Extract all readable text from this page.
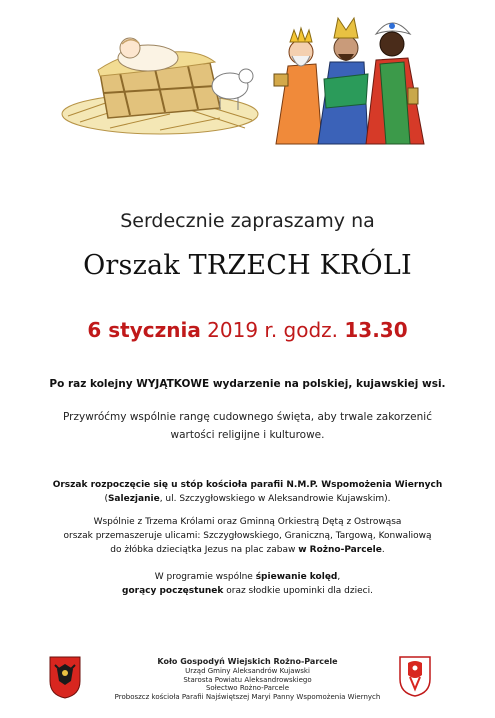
Serdecznie zapraszamy na
Orszak TRZECH KRÓLI
6 stycznia 2019 r. godz. 13.30
Po raz kolejny WYJĄTKOWE wydarzenie na polskiej, kujawskiej wsi.
Przywróćmy wspólnie rangę cudownego święta, aby trwale zakorzenić
wartości religijne i kulturowe.
Orszak rozpoczęcie się u stóp kościoła parafii N.M.P. Wspomożenia Wiernych
(Salezjanie, ul. Szczygłowskiego w Aleksandrowie Kujawskim).
Wspólnie z Trzema Królami oraz Gminną Orkiestrą Dętą z Ostrowąsa
orszak przemaszeruje ulicami: Szczygłowskiego, Graniczną, Targową, Konwaliową
do żłóbka dzieciątka Jezus na plac zabaw w Rożno-Parcele.
W programie wspólne śpiewanie kolęd,
gorący poczęstunek oraz słodkie upominki dla dzieci.
Koło Gospodyń Wiejskich Rożno-Parcele
Urząd Gminy Aleksandrów Kujawski
Starosta Powiatu Aleksandrowskiego
Sołectwo Rożno-Parcele
Proboszcz kościoła Parafii Najświętszej Maryi Panny Wspomożenia Wiernych
